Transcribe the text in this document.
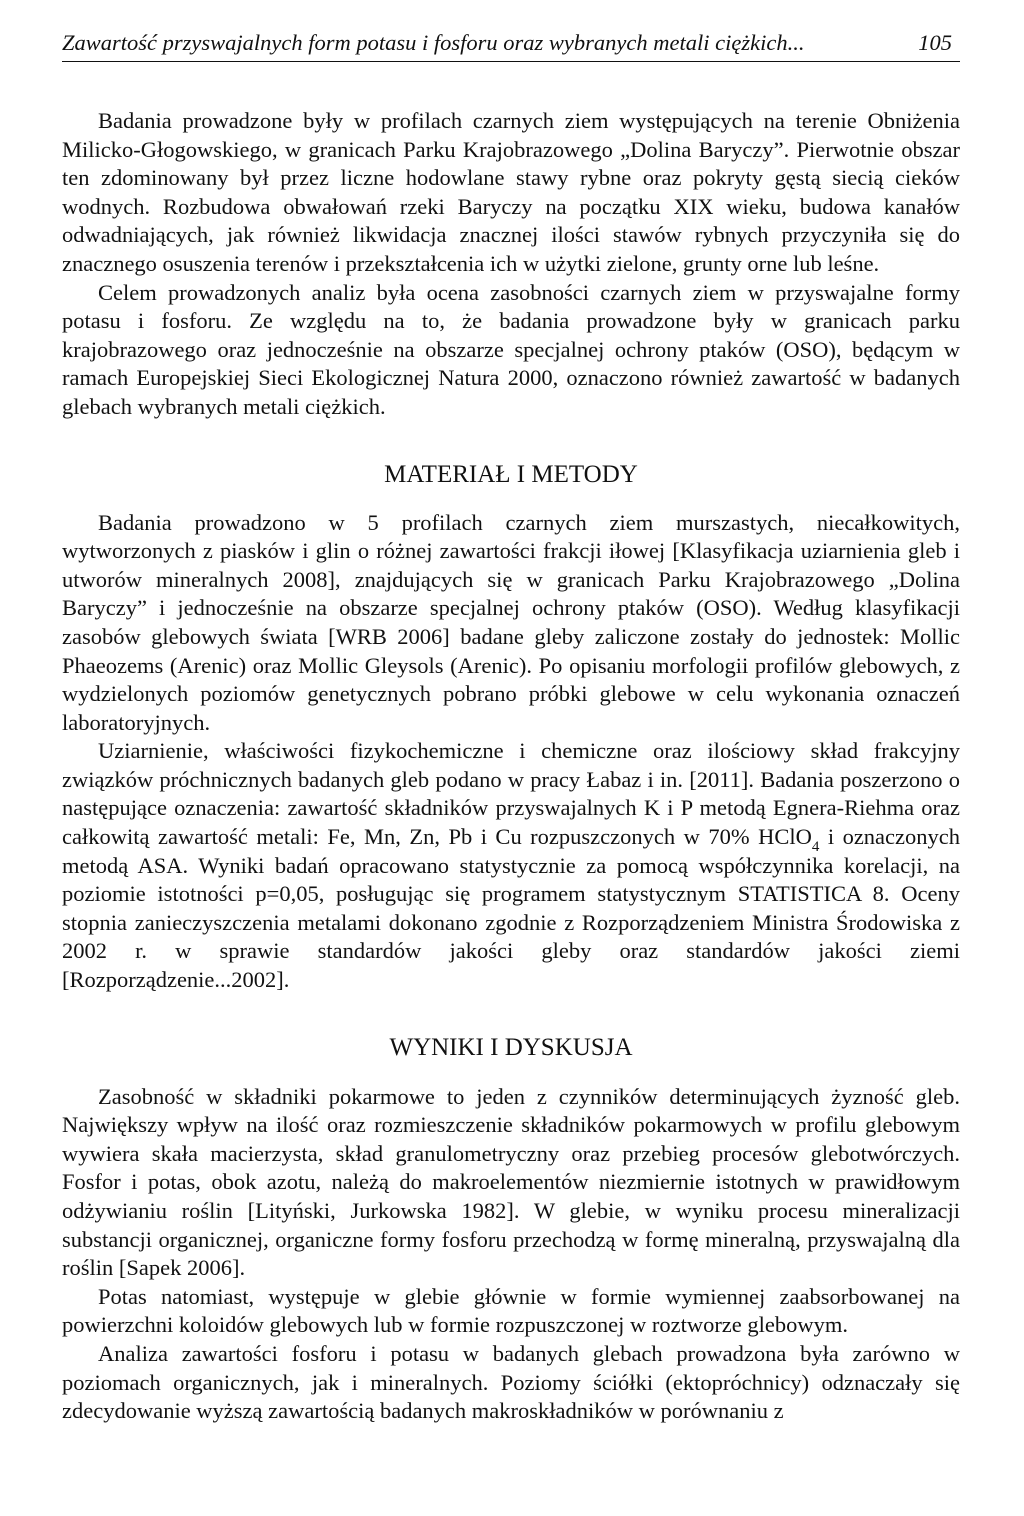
Zawartość przyswajalnych form potasu i fosforu oraz wybranych metali ciężkich...	105

Badania prowadzone były w profilach czarnych ziem występujących na terenie Obniżenia Milicko-Głogowskiego, w granicach Parku Krajobrazowego „Dolina Baryczy”. Pierwotnie obszar ten zdominowany był przez liczne hodowlane stawy rybne oraz pokryty gęstą siecią cieków wodnych. Rozbudowa obwałowań rzeki Baryczy na początku XIX wieku, budowa kanałów odwadniających, jak również likwidacja znacznej ilości stawów rybnych przyczyniła się do znacznego osuszenia terenów i przekształcenia ich w użytki zielone, grunty orne lub leśne.

Celem prowadzonych analiz była ocena zasobności czarnych ziem w przyswajalne formy potasu i fosforu. Ze względu na to, że badania prowadzone były w granicach parku krajobrazowego oraz jednocześnie na obszarze specjalnej ochrony ptaków (OSO), będącym w ramach Europejskiej Sieci Ekologicznej Natura 2000, oznaczono również zawartość w badanych glebach wybranych metali ciężkich.

MATERIAŁ I METODY

Badania prowadzono w 5 profilach czarnych ziem murszastych, niecałkowitych, wytworzonych z piasków i glin o różnej zawartości frakcji iłowej [Klasyfikacja uziarnienia gleb i utworów mineralnych 2008], znajdujących się w granicach Parku Krajobrazowego „Dolina Baryczy” i jednocześnie na obszarze specjalnej ochrony ptaków (OSO). Według klasyfikacji zasobów glebowych świata [WRB 2006] badane gleby zaliczone zostały do jednostek: Mollic Phaeozems (Arenic) oraz Mollic Gleysols (Arenic). Po opisaniu morfologii profilów glebowych, z wydzielonych poziomów genetycznych pobrano próbki glebowe w celu wykonania oznaczeń laboratoryjnych.

Uziarnienie, właściwości fizykochemiczne i chemiczne oraz ilościowy skład frakcyjny związków próchnicznych badanych gleb podano w pracy Łabaz i in. [2011]. Badania poszerzono o następujące oznaczenia: zawartość składników przyswajalnych K i P metodą Egnera-Riehma oraz całkowitą zawartość metali: Fe, Mn, Zn, Pb i Cu rozpuszczonych w 70% HClO$_4$ i oznaczonych metodą ASA. Wyniki badań opracowano statystycznie za pomocą współczynnika korelacji, na poziomie istotności p=0,05, posługując się programem statystycznym STATISTICA 8. Oceny stopnia zanieczyszczenia metalami dokonano zgodnie z Rozporządzeniem Ministra Środowiska z 2002 r. w sprawie standardów jakości gleby oraz standardów jakości ziemi [Rozporządzenie...2002].

WYNIKI I DYSKUSJA

Zasobność w składniki pokarmowe to jeden z czynników determinujących żyzność gleb. Największy wpływ na ilość oraz rozmieszczenie składników pokarmowych w profilu glebowym wywiera skała macierzysta, skład granulometryczny oraz przebieg procesów glebotwórczych. Fosfor i potas, obok azotu, należą do makroelementów niezmiernie istotnych w prawidłowym odżywianiu roślin [Lityński, Jurkowska 1982]. W glebie, w wyniku procesu mineralizacji substancji organicznej, organiczne formy fosforu przechodzą w formę mineralną, przyswajalną dla roślin [Sapek 2006].

Potas natomiast, występuje w glebie głównie w formie wymiennej zaabsorbowanej na powierzchni koloidów glebowych lub w formie rozpuszczonej w roztworze glebowym.

Analiza zawartości fosforu i potasu w badanych glebach prowadzona była zarówno w poziomach organicznych, jak i mineralnych. Poziomy ściółki (ektopróchnicy) odznaczały się zdecydowanie wyższą zawartością badanych makroskładników w porównaniu z
